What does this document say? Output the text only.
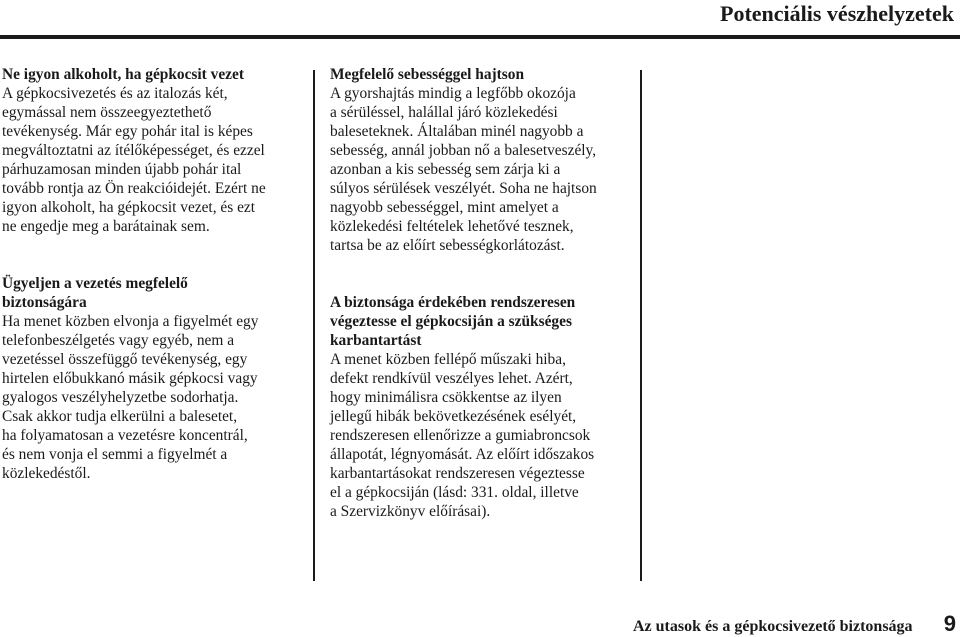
Potenciális vészhelyzetek
Ne igyon alkoholt, ha gépkocsit vezet
A gépkocsivezetés és az italozás két,
egymással nem összeegyeztethető
tevékenység. Már egy pohár ital is képes
megváltoztatni az ítélőképességet, és ezzel
párhuzamosan minden újabb pohár ital
tovább rontja az Ön reakcióidejét. Ezért ne
igyon alkoholt, ha gépkocsit vezet, és ezt
ne engedje meg a barátainak sem.
Ügyeljen a vezetés megfelelő
biztonságára
Ha menet közben elvonja a figyelmét egy
telefonbeszélgetés vagy egyéb, nem a
vezetéssel összefüggő tevékenység, egy
hirtelen előbukkanó másik gépkocsi vagy
gyalogos veszélyhelyzetbe sodorhatja.
Csak akkor tudja elkerülni a balesetet,
ha folyamatosan a vezetésre koncentrál,
és nem vonja el semmi a figyelmét a
közlekedéstől.
Megfelelő sebességgel hajtson
A gyorshajtás mindig a legfőbb okozója
a sérüléssel, halállal járó közlekedési
baleseteknek. Általában minél nagyobb a
sebesség, annál jobban nő a balesetveszély,
azonban a kis sebesség sem zárja ki a
súlyos sérülések veszélyét. Soha ne hajtson
nagyobb sebességgel, mint amelyet a
közlekedési feltételek lehetővé tesznek,
tartsa be az előírt sebességkorlátozást.
A biztonsága érdekében rendszeresen
végeztesse el gépkocsiján a szükséges
karbantartást
A menet közben fellépő műszaki hiba,
defekt rendkívül veszélyes lehet. Azért,
hogy minimálisra csökkentse az ilyen
jellegű hibák bekövetkezésének esélyét,
rendszeresen ellenőrizze a gumiabroncsok
állapotát, légnyomását. Az előírt időszakos
karbantartásokat rendszeresen végeztesse
el a gépkocsiján (lásd: 331. oldal, illetve
a Szervizkönyv előírásai).
Az utasok és a gépkocsivezető biztonsága 9
